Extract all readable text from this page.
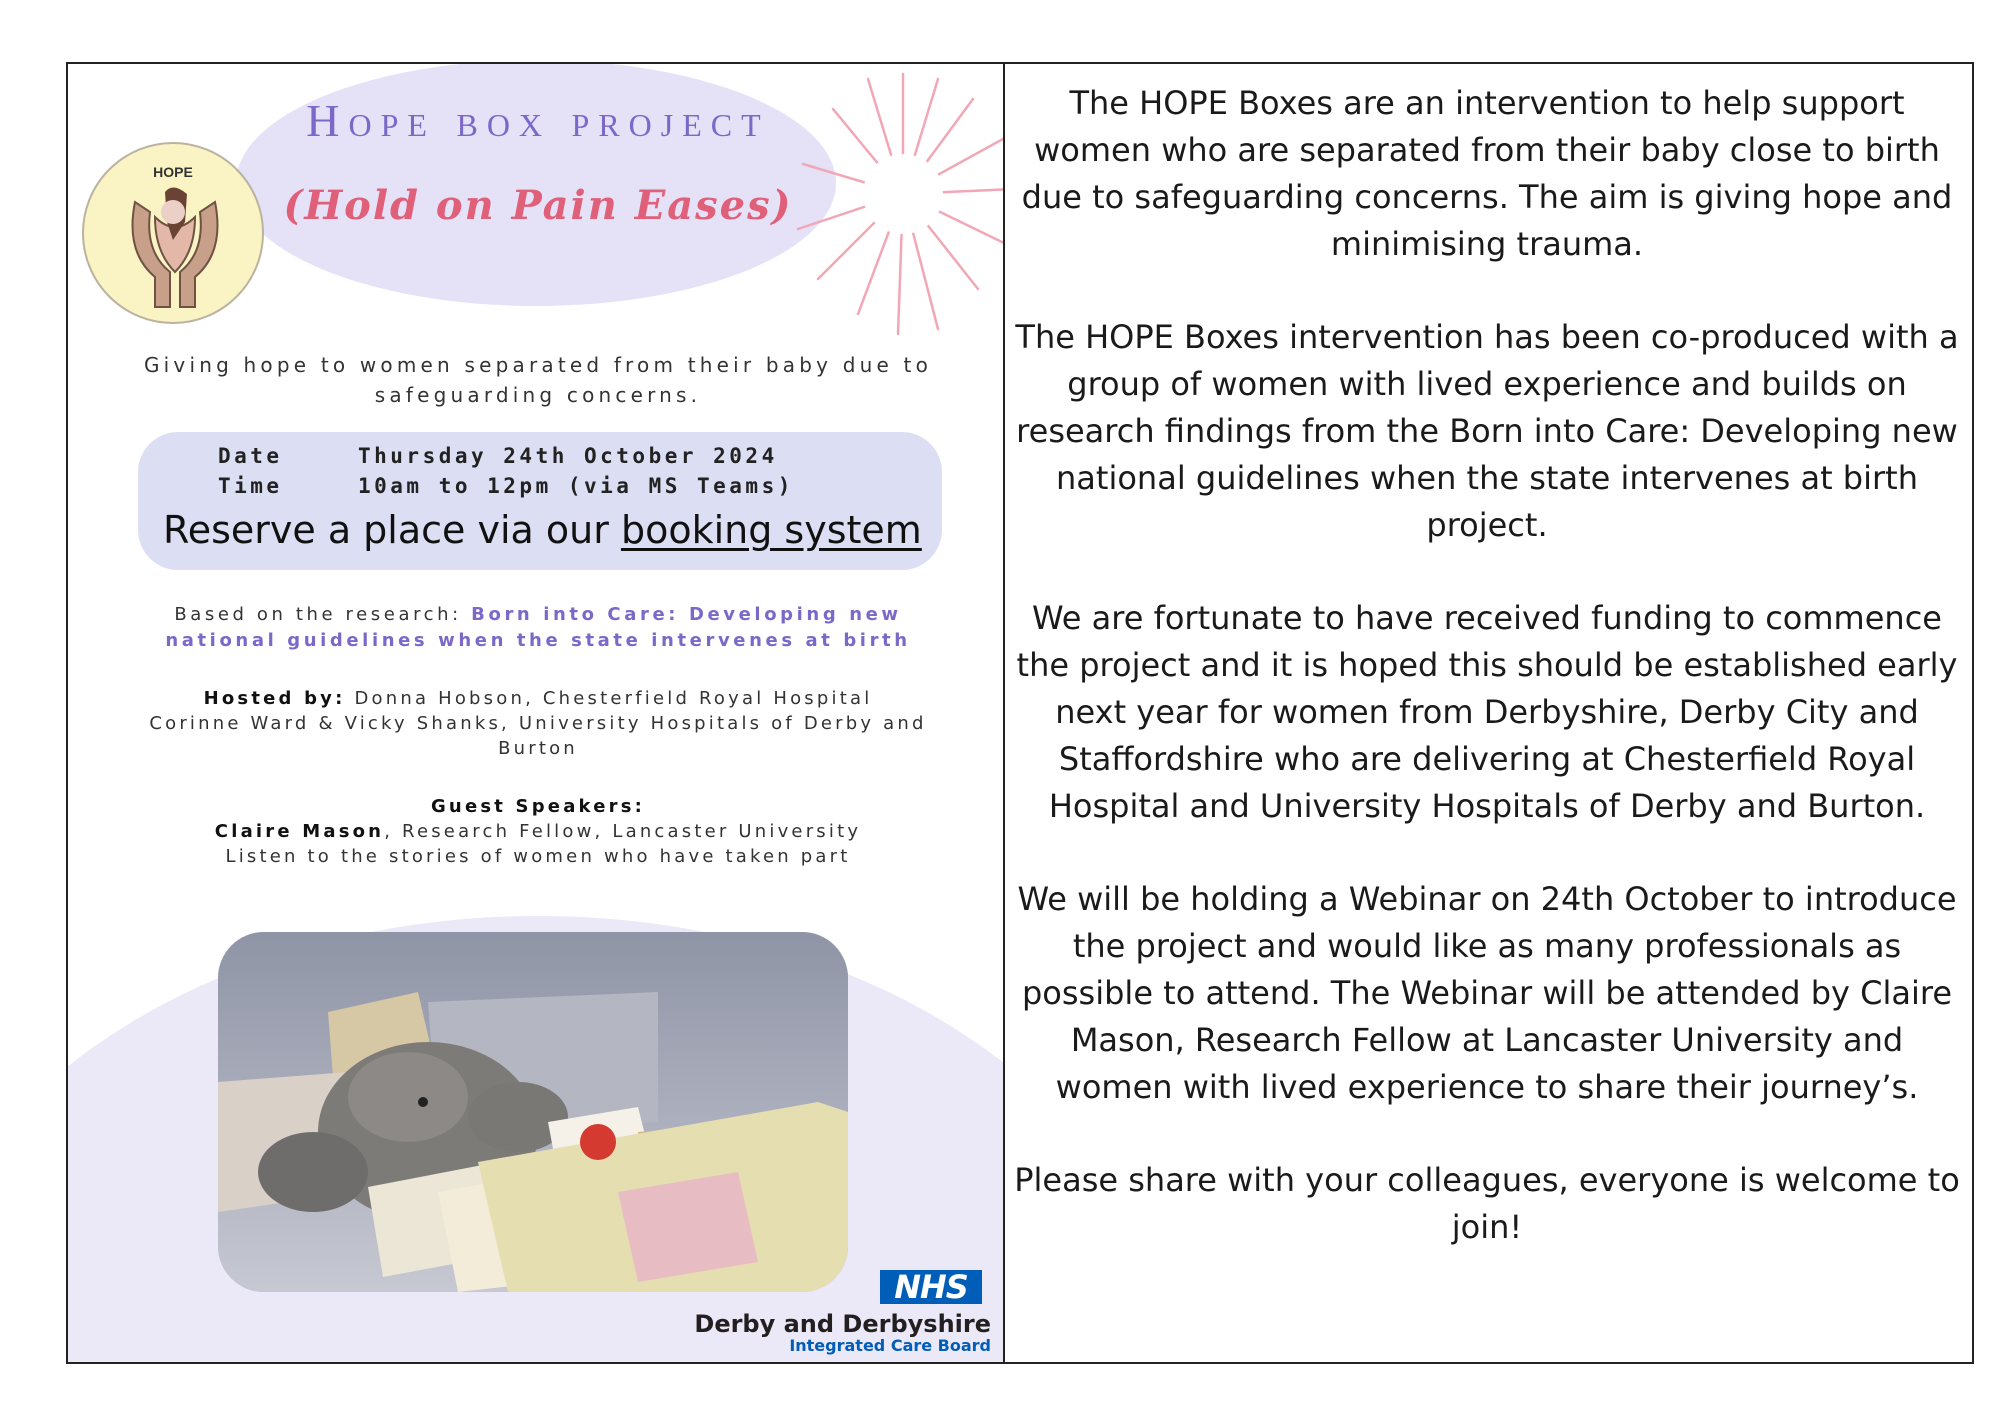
Hope box project
(Hold on Pain Eases)
HOPE
Giving hope to women separated from their baby due to safeguarding concerns.
Date	Thursday 24th October 2024
Time	10am to 12pm (via MS Teams)
Reserve a place via our booking system
Based on the research: Born into Care: Developing new national guidelines when the state intervenes at birth
Hosted by: Donna Hobson, Chesterfield Royal Hospital
Corinne Ward & Vicky Shanks, University Hospitals of Derby and Burton
Guest Speakers:
Claire Mason, Research Fellow, Lancaster University
Listen to the stories of women who have taken part
NHS
Derby and Derbyshire
Integrated Care Board

The HOPE Boxes are an intervention to help support women who are separated from their baby close to birth due to safeguarding concerns. The aim is giving hope and minimising trauma.

The HOPE Boxes intervention has been co-produced with a group of women with lived experience and builds on research findings from the Born into Care: Developing new national guidelines when the state intervenes at birth project.

We are fortunate to have received funding to commence the project and it is hoped this should be established early next year for women from Derbyshire, Derby City and Staffordshire who are delivering at Chesterfield Royal Hospital and University Hospitals of Derby and Burton.

We will be holding a Webinar on 24th October to introduce the project and would like as many professionals as possible to attend. The Webinar will be attended by Claire Mason, Research Fellow at Lancaster University and women with lived experience to share their journey’s.

Please share with your colleagues, everyone is welcome to join!
